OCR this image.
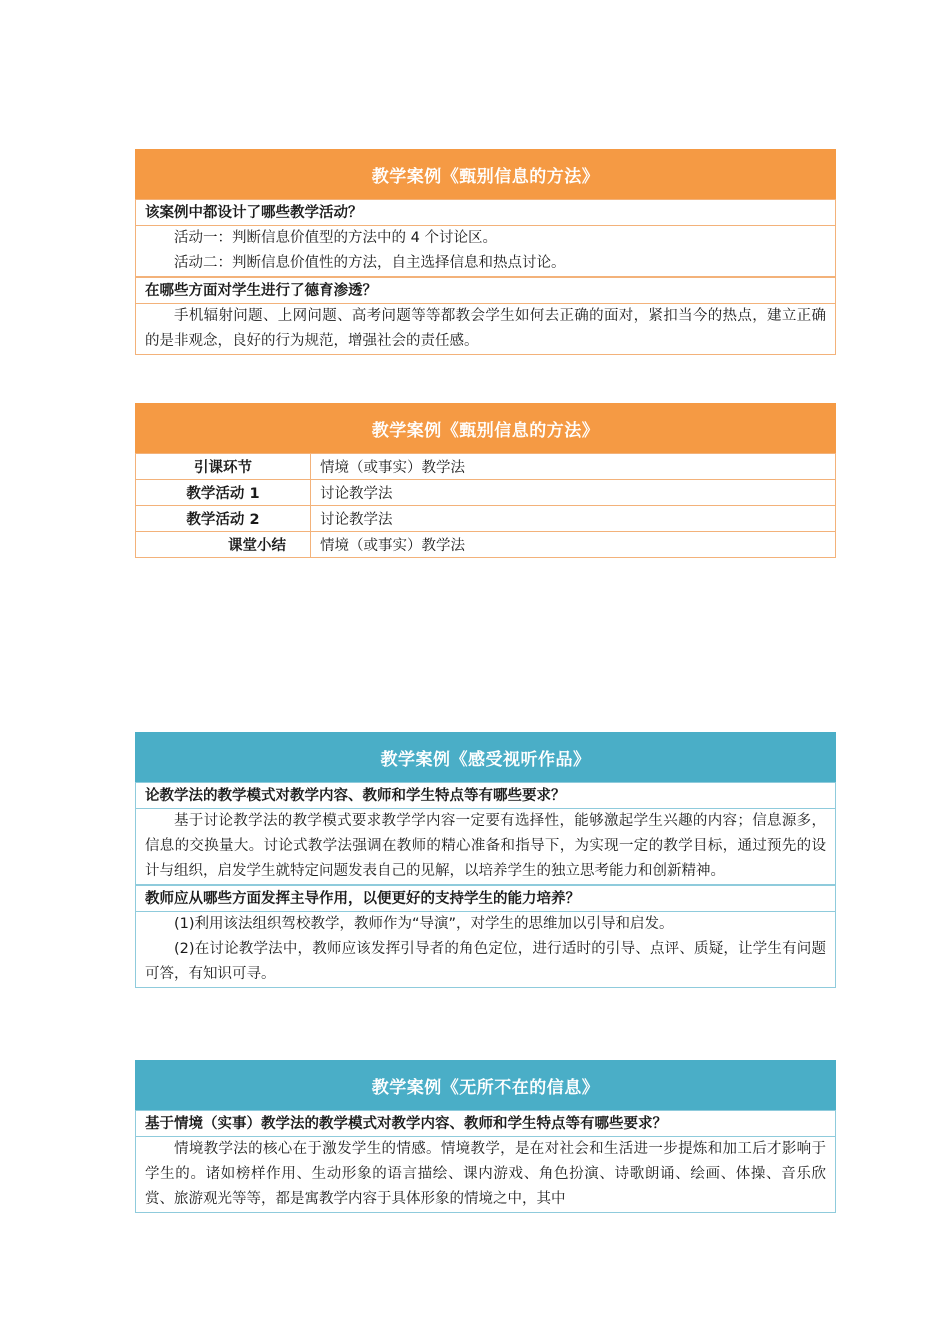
教学案例《甄别信息的方法》
该案例中都设计了哪些教学活动？

活动一：判断信息价值型的方法中的 4 个讨论区。

活动二：判断信息价值性的方法，自主选择信息和热点讨论。

在哪些方面对学生进行了德育渗透？

手机辐射问题、上网问题、高考问题等等都教会学生如何去正确的面对，紧扣当今的热点，建立正确的是非观念，良好的行为规范，增强社会的责任感。

教学案例《甄别信息的方法》
引课环节	情境（或事实）教学法
教学活动 1	讨论教学法
教学活动 2	讨论教学法
课堂小结	情境（或事实）教学法
教学案例《感受视听作品》
论教学法的教学模式对教学内容、教师和学生特点等有哪些要求？

基于讨论教学法的教学模式要求教学学内容一定要有选择性，能够激起学生兴趣的内容；信息源多，信息的交换量大。讨论式教学法强调在教师的精心准备和指导下，为实现一定的教学目标，通过预先的设计与组织，启发学生就特定问题发表自己的见解，以培养学生的独立思考能力和创新精神。

教师应从哪些方面发挥主导作用，以便更好的支持学生的能力培养？

(1)利用该法组织驾校教学，教师作为“导演”，对学生的思维加以引导和启发。

(2)在讨论教学法中，教师应该发挥引导者的角色定位，进行适时的引导、点评、质疑，让学生有问题可答，有知识可寻。

教学案例《无所不在的信息》
基于情境（实事）教学法的教学模式对教学内容、教师和学生特点等有哪些要求？

情境教学法的核心在于激发学生的情感。情境教学，是在对社会和生活进一步提炼和加工后才影响于学生的。诸如榜样作用、生动形象的语言描绘、课内游戏、角色扮演、诗歌朗诵、绘画、体操、音乐欣赏、旅游观光等等，都是寓教学内容于具体形象的情境之中，其中
